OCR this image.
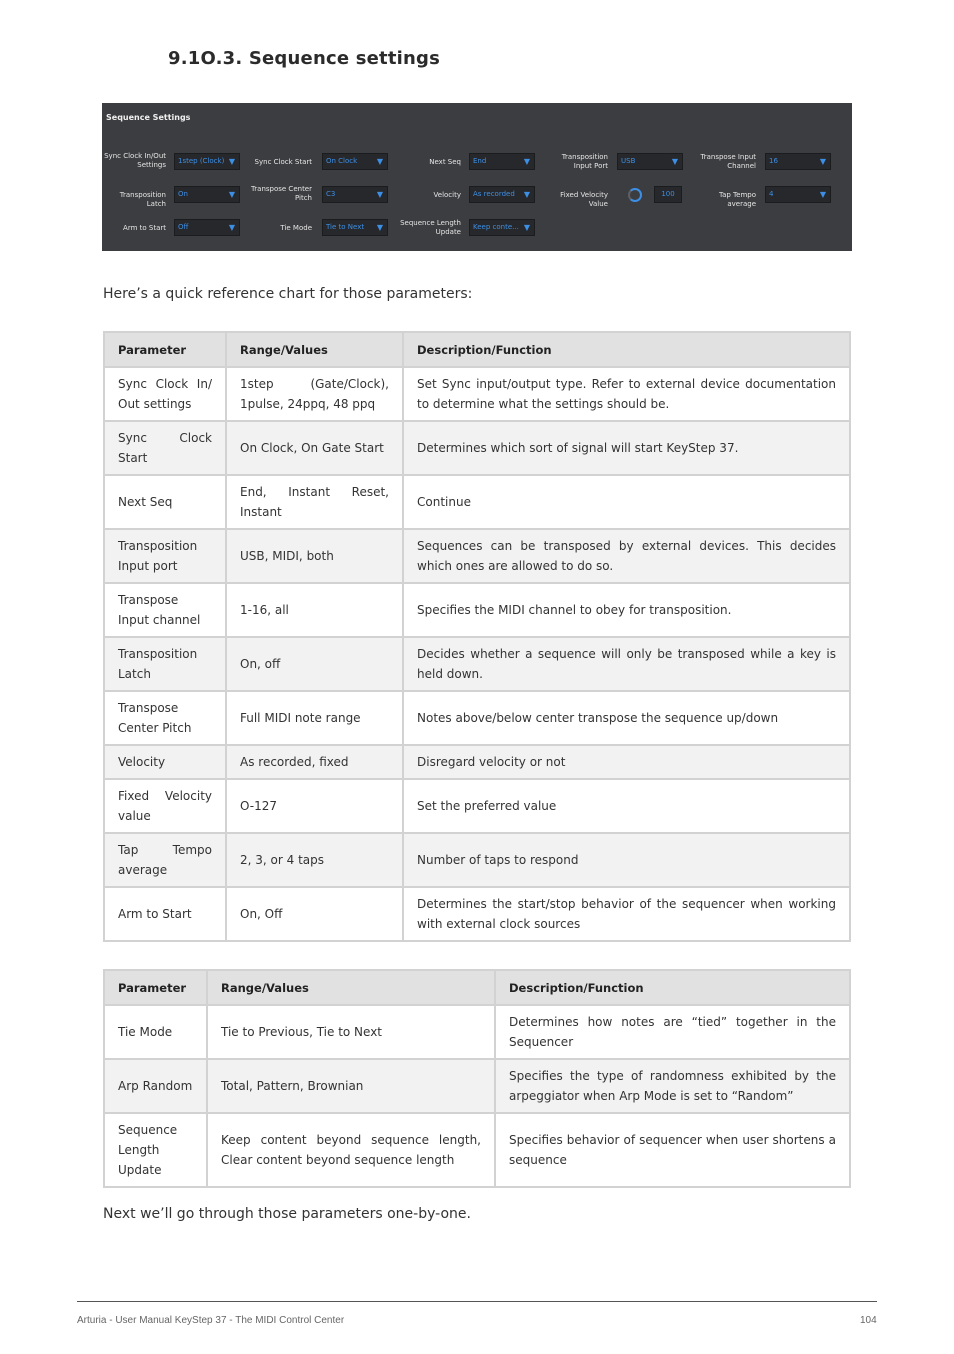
9.1O.3. Sequence settings
Sequence Settings
Sync Clock In/Out Settings	1step (Clock) ▼	Sync Clock Start	On Clock ▼	Next Seq	End	▼	Transposition Input Port
USB	▼	Transpose Input Channel
16	▼
Transposition Latch
On	▼
Transpose Center Pitch	C3	▼	Velocity	As recorded ▼	Fixed Velocity Value
100	Tap Tempo average
4	▼
Arm to Start	Off	▼	Tie Mode	Tie to Next ▼ Sequence Length Update
Keep conte... ▼
Here’s a quick reference chart for those parameters:
Parameter	Range/Values	Description/Function
Sync Clock In/ Out settings	1step (Gate/Clock), 1pulse, 24ppq, 48 ppq	Set Sync input/output type. Refer to external device documentation to determine what the settings should be.
Sync Clock Start	On Clock, On Gate Start	Determines which sort of signal will start KeyStep 37.
Next Seq	End, Instant Reset, Instant	Continue
Transposition Input port	USB, MIDI, both	Sequences can be transposed by external devices. This decides which ones are allowed to do so.
Transpose Input channel	1-16, all	Specifies the MIDI channel to obey for transposition.
Transposition Latch	On, off	Decides whether a sequence will only be transposed while a key is held down.
Transpose Center Pitch	Full MIDI note range	Notes above/below center transpose the sequence up/down
Velocity	As recorded, fixed	Disregard velocity or not
Fixed Velocity value	O-127	Set the preferred value
Tap Tempo average	2, 3, or 4 taps	Number of taps to respond
Arm to Start	On, Off	Determines the start/stop behavior of the sequencer when working with external clock sources
Parameter	Range/Values	Description/Function
Tie Mode	Tie to Previous, Tie to Next	Determines how notes are “tied” together in the Sequencer
Arp Random	Total, Pattern, Brownian	Specifies the type of randomness exhibited by the arpeggiator when Arp Mode is set to “Random”
Sequence Length Update	Keep content beyond sequence length, Clear content beyond sequence length	Specifies behavior of sequencer when user shortens a sequence
Next we’ll go through those parameters one-by-one.
Arturia - User Manual KeyStep 37 - The MIDI Control Center	104
